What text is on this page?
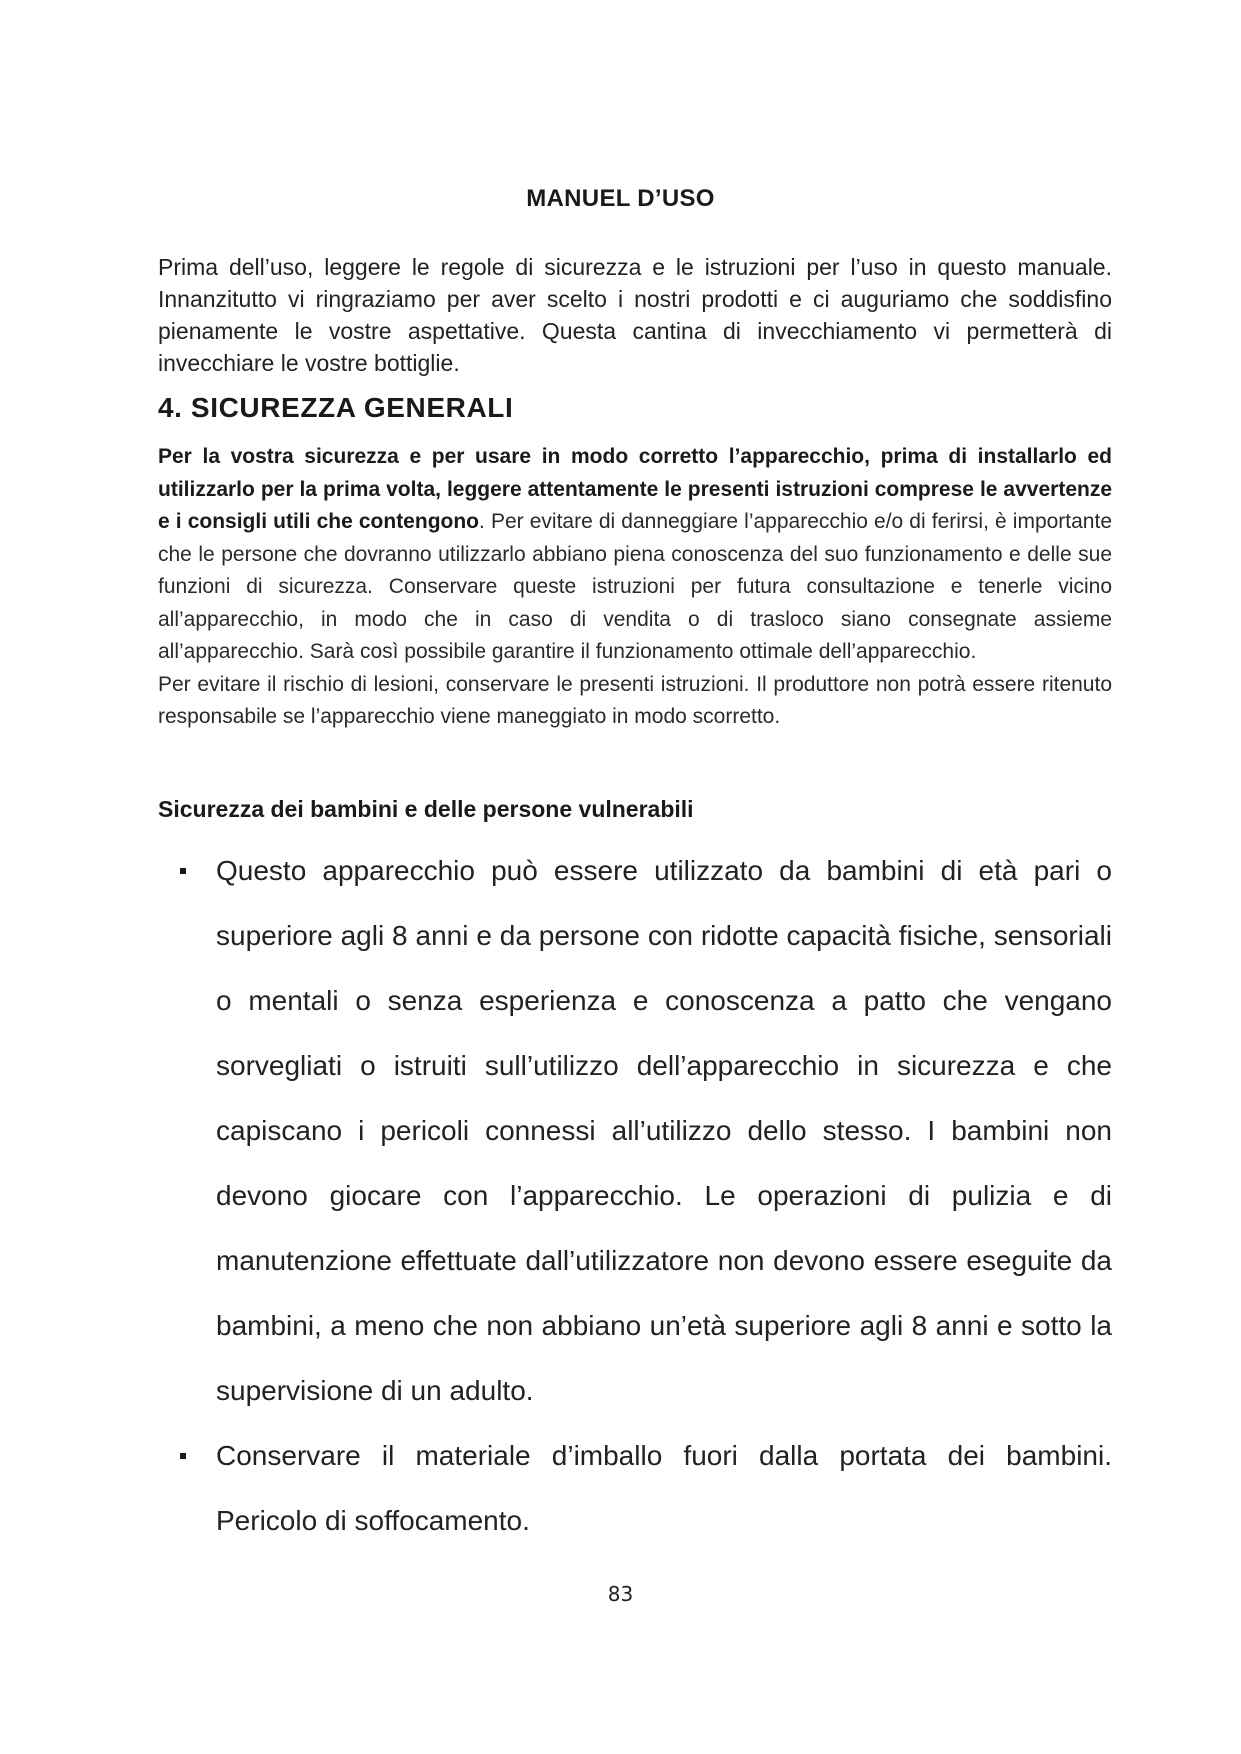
MANUEL D’USO
Prima dell’uso, leggere le regole di sicurezza e le istruzioni per l’uso in questo manuale. Innanzitutto vi ringraziamo per aver scelto i nostri prodotti e ci auguriamo che soddisfino pienamente le vostre aspettative. Questa cantina di invecchiamento vi permetterà di invecchiare le vostre bottiglie.
4. SICUREZZA GENERALI

Per la vostra sicurezza e per usare in modo corretto l’apparecchio, prima di installarlo ed utilizzarlo per la prima volta, leggere attentamente le presenti istruzioni comprese le avvertenze e i consigli utili che contengono. Per evitare di danneggiare l’apparecchio e/o di ferirsi, è importante che le persone che dovranno utilizzarlo abbiano piena conoscenza del suo funzionamento e delle sue funzioni di sicurezza. Conservare queste istruzioni per futura consultazione e tenerle vicino all’apparecchio, in modo che in caso di vendita o di trasloco siano consegnate assieme all’apparecchio. Sarà così possibile garantire il funzionamento ottimale dell’apparecchio.

Per evitare il rischio di lesioni, conservare le presenti istruzioni. Il produttore non potrà essere ritenuto responsabile se l’apparecchio viene maneggiato in modo scorretto.

Sicurezza dei bambini e delle persone vulnerabili
Questo apparecchio può essere utilizzato da bambini di età pari o superiore agli 8 anni e da persone con ridotte capacità fisiche, sensoriali o mentali o senza esperienza e conoscenza a patto che vengano sorvegliati o istruiti sull’utilizzo dell’apparecchio in sicurezza e che capiscano i pericoli connessi all’utilizzo dello stesso. I bambini non devono giocare con l’apparecchio. Le operazioni di pulizia e di manutenzione effettuate dall’utilizzatore non devono essere eseguite da bambini, a meno che non abbiano un’età superiore agli 8 anni e sotto la supervisione di un adulto.
Conservare il materiale d’imballo fuori dalla portata dei bambini. Pericolo di soffocamento.
83
